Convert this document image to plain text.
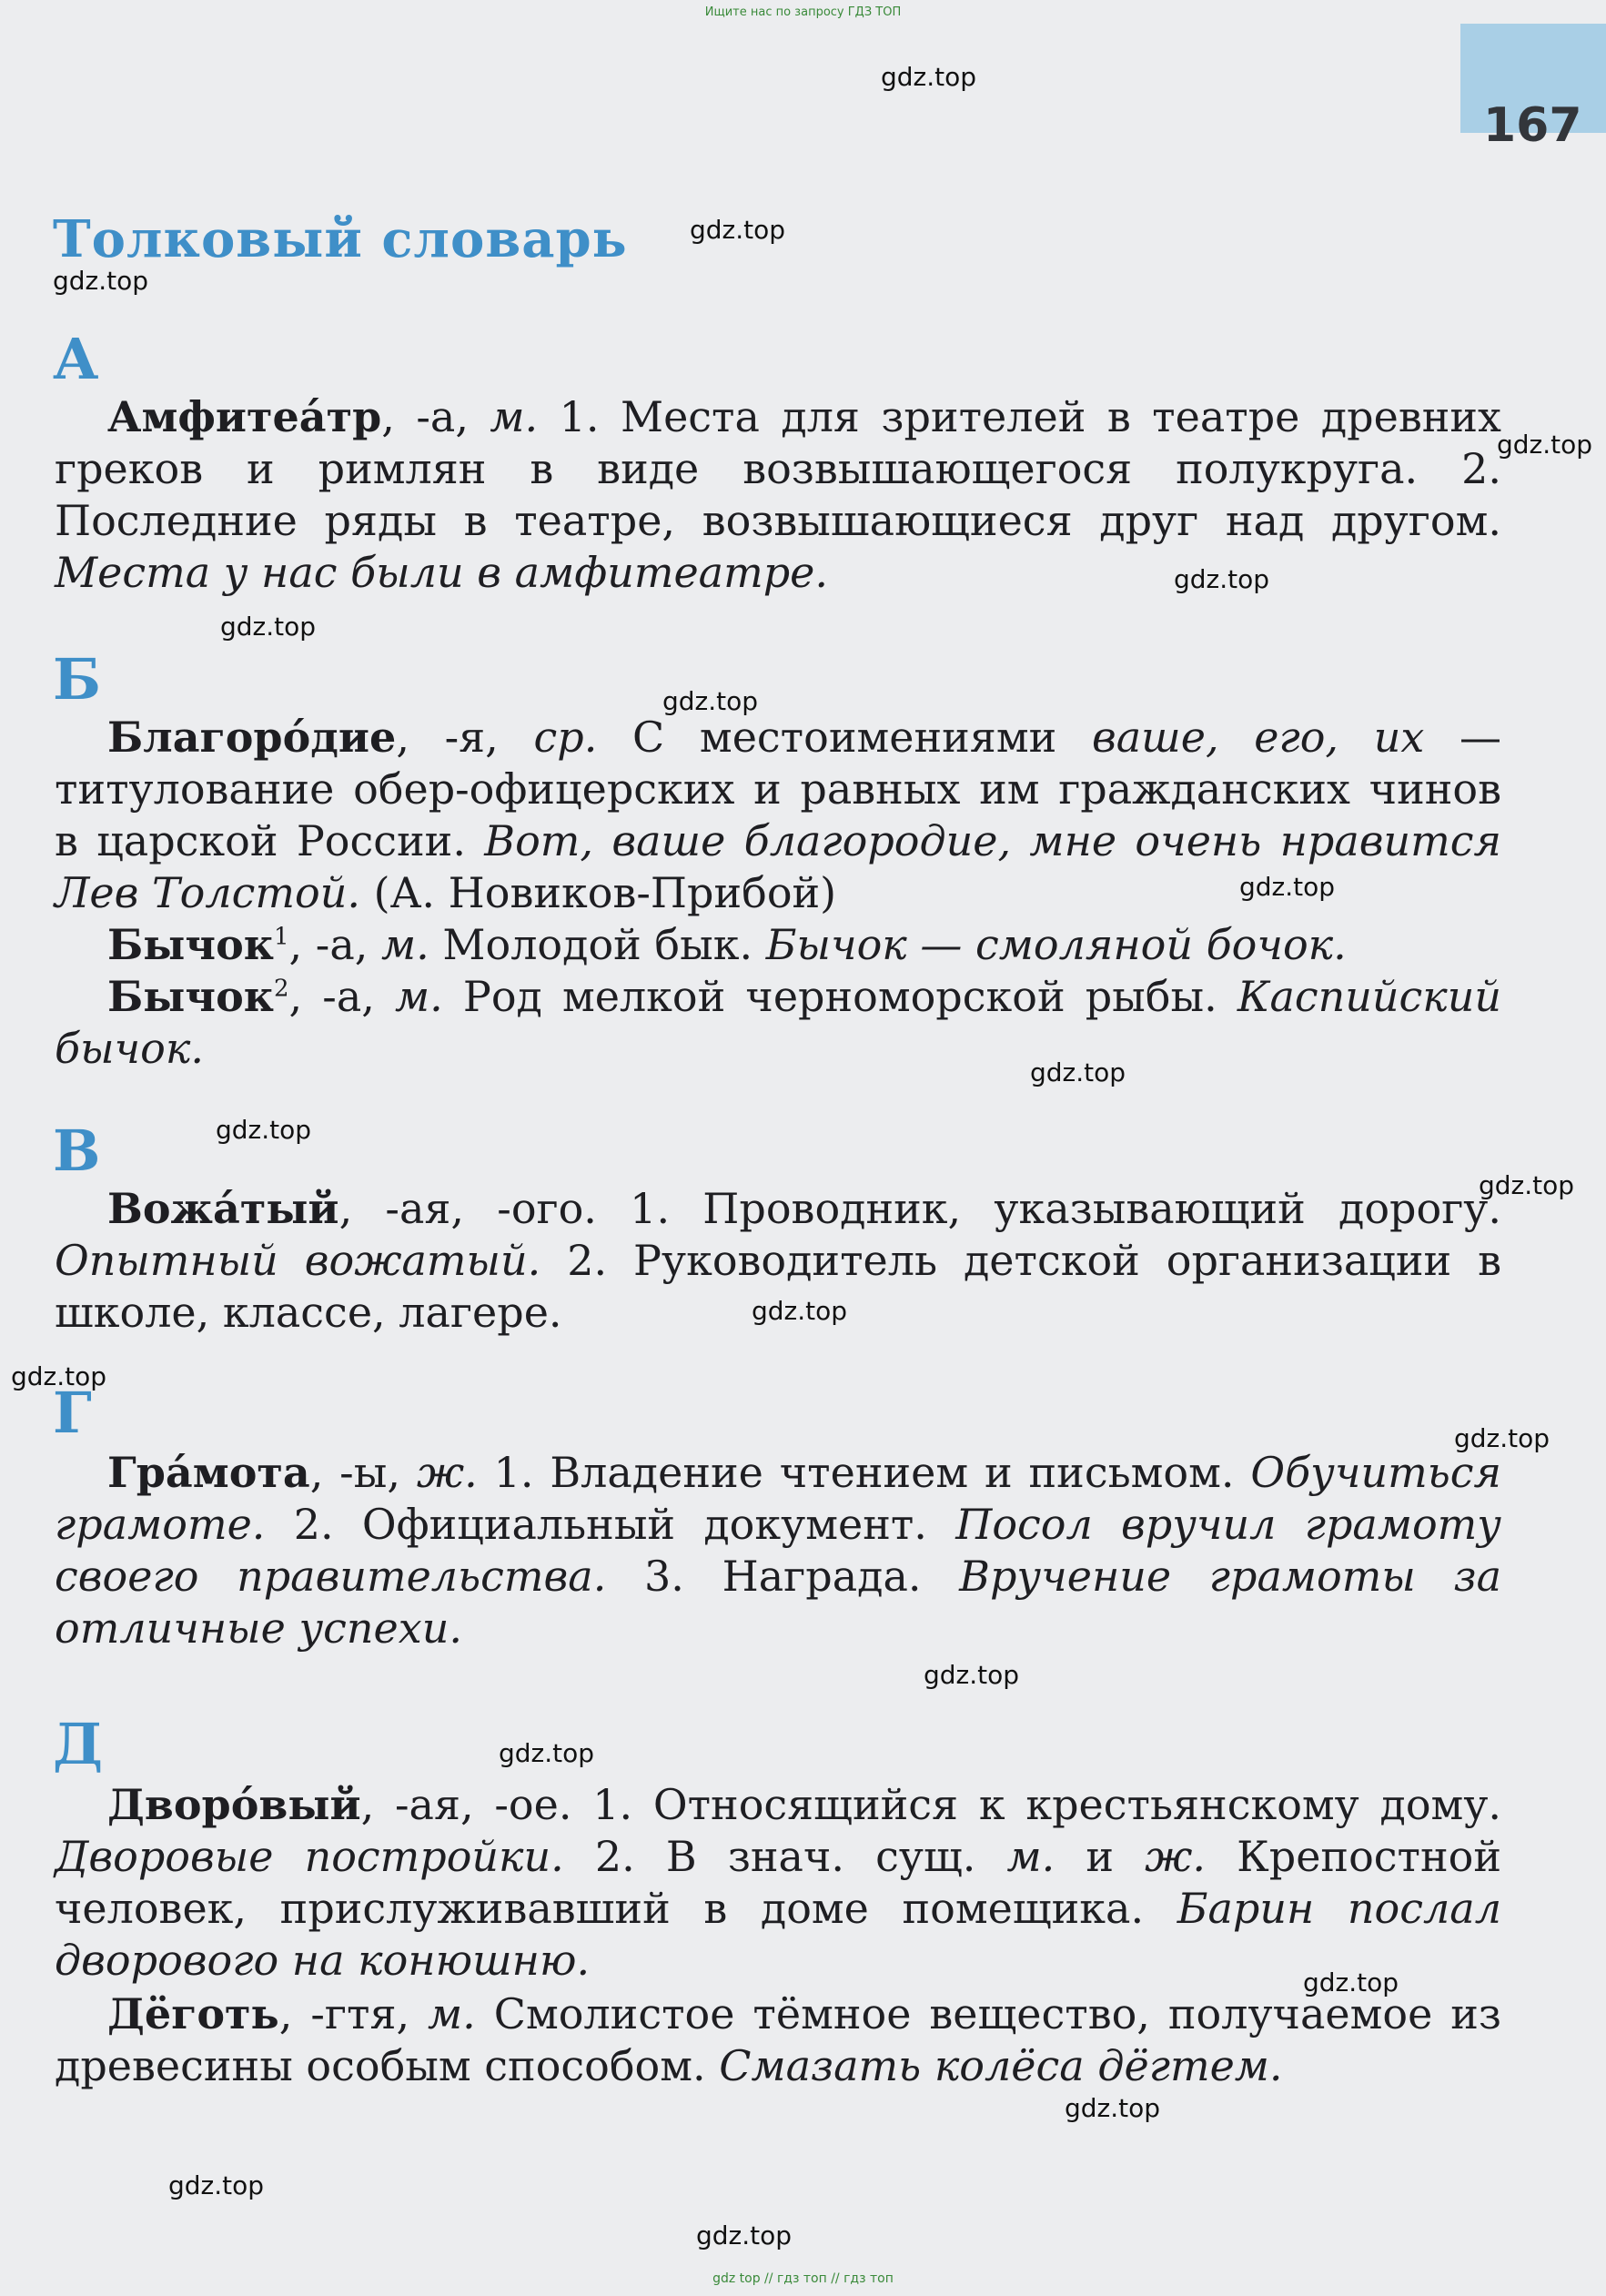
Ищите нас по запросу ГДЗ ТОП
167
Толковый словарь
А

Амфитеа́тр, -а, м. 1. Места для зрителей в театре древних греков и римлян в виде возвышающегося полукруга. 2. Последние ряды в театре, возвышающиеся друг над другом. Места у нас были в амфитеатре.

Б

Благоро́дие, -я, ср. С местоимениями ваше, его, их — титулование обер-офицерских и равных им гражданских чинов в царской России. Вот, ваше благородие, мне очень нравится Лев Толстой. (А. Новиков-Прибой)

Бычок$^1$, -а, м. Молодой бык. Бычок — смоляной бочок.

Бычок$^2$, -а, м. Род мелкой черноморской рыбы. Каспийский бычок.

В

Вожа́тый, -ая, -ого. 1. Проводник, указывающий дорогу. Опытный вожатый. 2. Руководитель детской организации в школе, классе, лагере.

Г

Гра́мота, -ы, ж. 1. Владение чтением и письмом. Обучиться грамоте. 2. Официальный документ. Посол вручил грамоту своего правительства. 3. Награда. Вручение грамоты за отличные успехи.

Д

Дворо́вый, -ая, -ое. 1. Относящийся к крестьянскому дому. Дворовые постройки. 2. В знач. сущ. м. и ж. Крепостной человек, прислуживавший в доме помещика. Барин послал дворового на конюшню.

Дёготь, -гтя, м. Смолистое тёмное вещество, получаемое из древесины особым способом. Смазать колёса дёгтем.

gdz.top
gdz.top
gdz.top
gdz.top
gdz.top
gdz.top
gdz.top
gdz.top
gdz.top
gdz.top
gdz.top
gdz.top
gdz.top
gdz.top
gdz.top
gdz.top
gdz.top
gdz.top
gdz.top
gdz.top
gdz top // гдз топ // гдз топ
